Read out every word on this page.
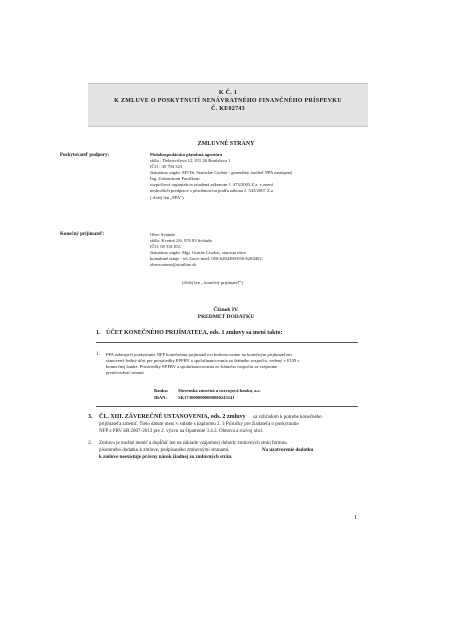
K Č. 1
K ZMLUVE O POSKYTNUTÍ NENÁVRATNÉHO FINANČNÉHO PRÍSPEVKU
Č. KE02743
ZMLUVNÉ STRANY
Poskytovateľ podpory:	Pôdohospodárska platobná agentúra
sídlo : Dobrovičova 12, 815 26 Bratislava 1
IČO : 30 794 323
štatutárny orgán: MVDr. Stanislav Grobár - generálny riaditeľ PPA zastúpený
Ing. Ľubomírom Partilkom
rozpočtová organizácia zriadená zákonom č. 473/2003 Z.z. v znení
neskorších predpisov s pôsobnosťou podľa zákona č. 543/2007 Z.z.
( ďalej len „PPA")
Konečný prijímateľ:	Obec Svätuše
sídlo: Kvetná 2/6, 076 83 Svätuše
IČO: 00 331 831
štatutárny orgán: Mgr. Gustáv Liszkai, starosta obce
kontaktné údaje - tel./fax/e-mail: 056-6284490/056-6284492
obecsvatuse@stonline.sk
(ďalej len „ konečný prijímateľ")
Článok IV.
PREDMET DODATKU
1. ÚČET KONEČNÉHO PRIJÍMATEĽA, ods. 1 zmluvy sa mení takto:
1. PPA zabezpečí poskytnutie NFP konečnému prijímateľovi bezhotovostne na konečným prijímateľom
stanovený bežný účet pre prostriedky EPFRV a spolufinancovania zo štátneho rozpočtu, vedený v EUR v
komerčnej banke. Prostriedky EPFRV a spolufinancovania zo štátneho rozpočtu sa vzájomne
preúčtovávať nesmú.
Banka: Slovenská záručná a rozvojová banka, a.s.
IBAN: SK1730000000000000243141
3. ČL. XIII. ZÁVEREČNÉ USTANOVENIA, ods. 2 zmluvy sa vzhľadom k potrebe konečného
prijímateľa zmeniť. Tieto dátum mení v súlade s kapitolou 2. 3 Príručky pre žiadateľa o poskytnutie
NFP z PRV SR 2007-2013 pre 2. výzvu na Opatrenie 3.4.3. Obnova a rozvoj obcí.
2. Zmluvu je možné meniť a dopĺňať len na základe vzájomnej dohody zmluvných strán formou
písomného dodatku k zmluve, podpísaného zmluvnými stranami.	Na uzatvorenie dodatku
k zmluve neexistuje právny nárok žiadnej zo zmluvných strán.
1
